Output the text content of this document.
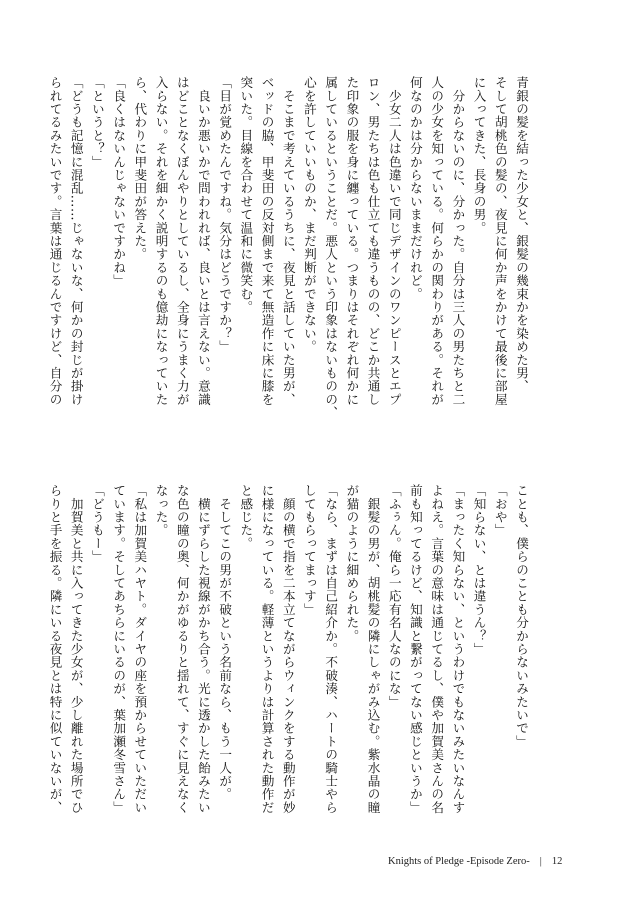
青銀の髪を結った少女と、銀髪の幾束かを染めた男、
そして胡桃色の髪の、夜見に何か声をかけて最後に部屋
に入ってきた、長身の男。
　分からないのに、分かった。自分は三人の男たちと二
人の少女を知っている。何らかの関わりがある。それが
何なのかは分からないままだけれど。
　少女二人は色違いで同じデザインのワンピースとエプ
ロン、男たちは色も仕立ても違うものの、どこか共通し
た印象の服を身に纏っている。つまりはそれぞれ何かに
属しているということだ。悪人という印象はないものの、
心を許していいものか、まだ判断ができない。
　そこまで考えているうちに、夜見と話していた男が、
ベッドの脇、甲斐田の反対側まで来て無造作に床に膝を
突いた。目線を合わせて温和に微笑む。
「目が覚めたんですね。気分はどうですか？」
　良いか悪いかで問われれば、良いとは言えない。意識
はどことなくぼんやりとしているし、全身にうまく力が
入らない。それを細かく説明するのも億劫になっていた
ら、代わりに甲斐田が答えた。
「良くはないんじゃないですかね」
「というと？」
「どうも記憶に混乱……じゃないな、何かの封じが掛け
られてるみたいです。言葉は通じるんですけど、自分の
ことも、僕らのことも分からないみたいで」
「おや」
「知らない、とは違うん？」
「まったく知らない、というわけでもないみたいなんす
よねえ。言葉の意味は通じてるし、僕や加賀美さんの名
前も知ってるけど、知識と繋がってない感じというか」
「ふぅん。俺ら一応有名人なのにな」
　銀髪の男が、胡桃髪の隣にしゃがみ込む。紫水晶の瞳
が猫のように細められた。
「なら、まずは自己紹介か。不破湊、ハートの騎士やら
してもらってまっす」
　顔の横で指を二本立てながらウィンクをする動作が妙
に様になっている。軽薄というよりは計算された動作だ
と感じた。
　そしてこの男が不破という名前なら、もう一人が。
　横にずらした視線がかち合う。光に透かした飴みたい
な色の瞳の奥、何かがゆるりと揺れて、すぐに見えなく
なった。
「私は加賀美ハヤト。ダイヤの座を預からせていただい
ています。そしてあちらにいるのが、葉加瀬冬雪さん」
「どうもー」
　加賀美と共に入ってきた少女が、少し離れた場所でひ
らりと手を振る。隣にいる夜見とは特に似ていないが、
Knights of Pledge -Episode Zero- | 12
